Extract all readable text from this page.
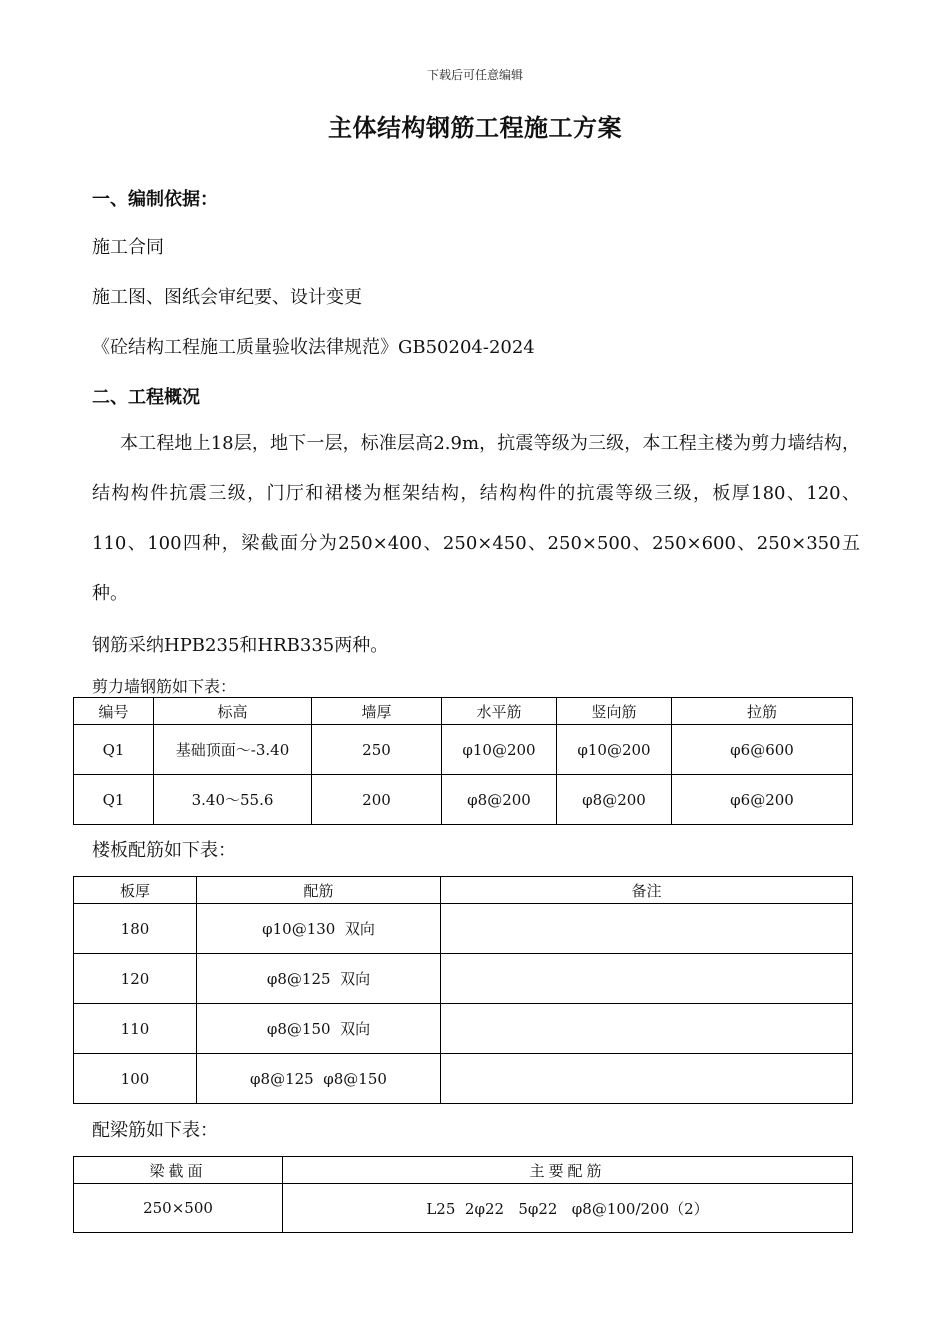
下载后可任意编辑
主体结构钢筋工程施工方案
一、编制依据：
施工合同
施工图、图纸会审纪要、设计变更
《砼结构工程施工质量验收法律规范》GB50204-2024
二、工程概况
本工程地上18层，地下一层，标准层高2.9m，抗震等级为三级，本工程主楼为剪力墙结构，结构构件抗震三级，门厅和裙楼为框架结构，结构构件的抗震等级三级，板厚180、120、110、100四种，梁截面分为250×400、250×450、250×500、250×600、250×350五种。
钢筋采纳HPB235和HRB335两种。
剪力墙钢筋如下表：
编号	标高	墙厚	水平筋	竖向筋	拉筋
Q1	基础顶面～-3.40	250	φ10@200	φ10@200	φ6@600
Q1	3.40～55.6	200	φ8@200	φ8@200	φ6@200
楼板配筋如下表：
板厚	配筋	备注
180	φ10@130  双向	
120	φ8@125  双向	
110	φ8@150  双向	
100	φ8@125  φ8@150	
配梁筋如下表：
梁截面	主要配筋
250×500	L25  2φ22   5φ22   φ8@100/200（2）
